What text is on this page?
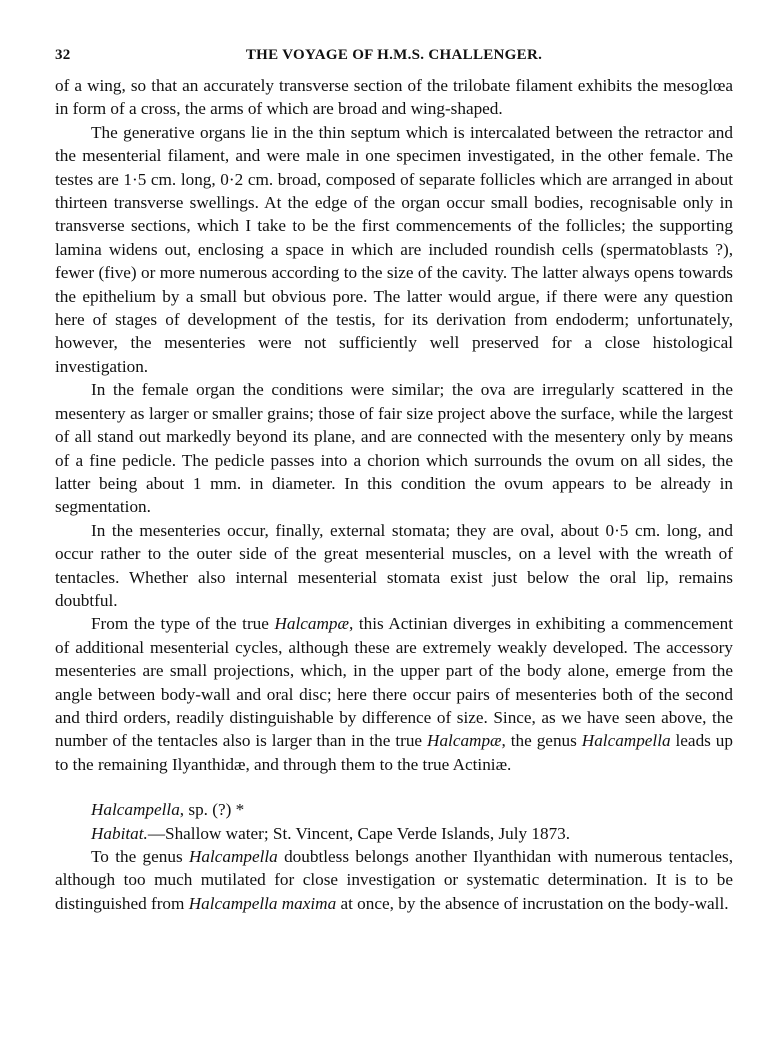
32	THE VOYAGE OF H.M.S. CHALLENGER.

of a wing, so that an accurately transverse section of the trilobate filament exhibits the mesoglœa in form of a cross, the arms of which are broad and wing-shaped.

The generative organs lie in the thin septum which is intercalated between the retractor and the mesenterial filament, and were male in one specimen investigated, in the other female. The testes are 1·5 cm. long, 0·2 cm. broad, composed of separate follicles which are arranged in about thirteen transverse swellings. At the edge of the organ occur small bodies, recognisable only in transverse sections, which I take to be the first commencements of the follicles; the supporting lamina widens out, enclosing a space in which are included roundish cells (spermatoblasts ?), fewer (five) or more numerous according to the size of the cavity. The latter always opens towards the epithelium by a small but obvious pore. The latter would argue, if there were any question here of stages of development of the testis, for its derivation from endoderm; unfortunately, however, the mesenteries were not sufficiently well preserved for a close histological investigation.

In the female organ the conditions were similar; the ova are irregularly scattered in the mesentery as larger or smaller grains; those of fair size project above the surface, while the largest of all stand out markedly beyond its plane, and are connected with the mesentery only by means of a fine pedicle. The pedicle passes into a chorion which surrounds the ovum on all sides, the latter being about 1 mm. in diameter. In this condition the ovum appears to be already in segmentation.

In the mesenteries occur, finally, external stomata; they are oval, about 0·5 cm. long, and occur rather to the outer side of the great mesenterial muscles, on a level with the wreath of tentacles. Whether also internal mesenterial stomata exist just below the oral lip, remains doubtful.

From the type of the true Halcampæ, this Actinian diverges in exhibiting a commencement of additional mesenterial cycles, although these are extremely weakly developed. The accessory mesenteries are small projections, which, in the upper part of the body alone, emerge from the angle between body-wall and oral disc; here there occur pairs of mesenteries both of the second and third orders, readily distinguishable by difference of size. Since, as we have seen above, the number of the tentacles also is larger than in the true Halcampæ, the genus Halcampella leads up to the remaining Ilyanthidæ, and through them to the true Actiniæ.

Halcampella, sp. (?) *

Habitat.—Shallow water; St. Vincent, Cape Verde Islands, July 1873.

To the genus Halcampella doubtless belongs another Ilyanthidan with numerous tentacles, although too much mutilated for close investigation or systematic determination. It is to be distinguished from Halcampella maxima at once, by the absence of incrustation on the body-wall.
